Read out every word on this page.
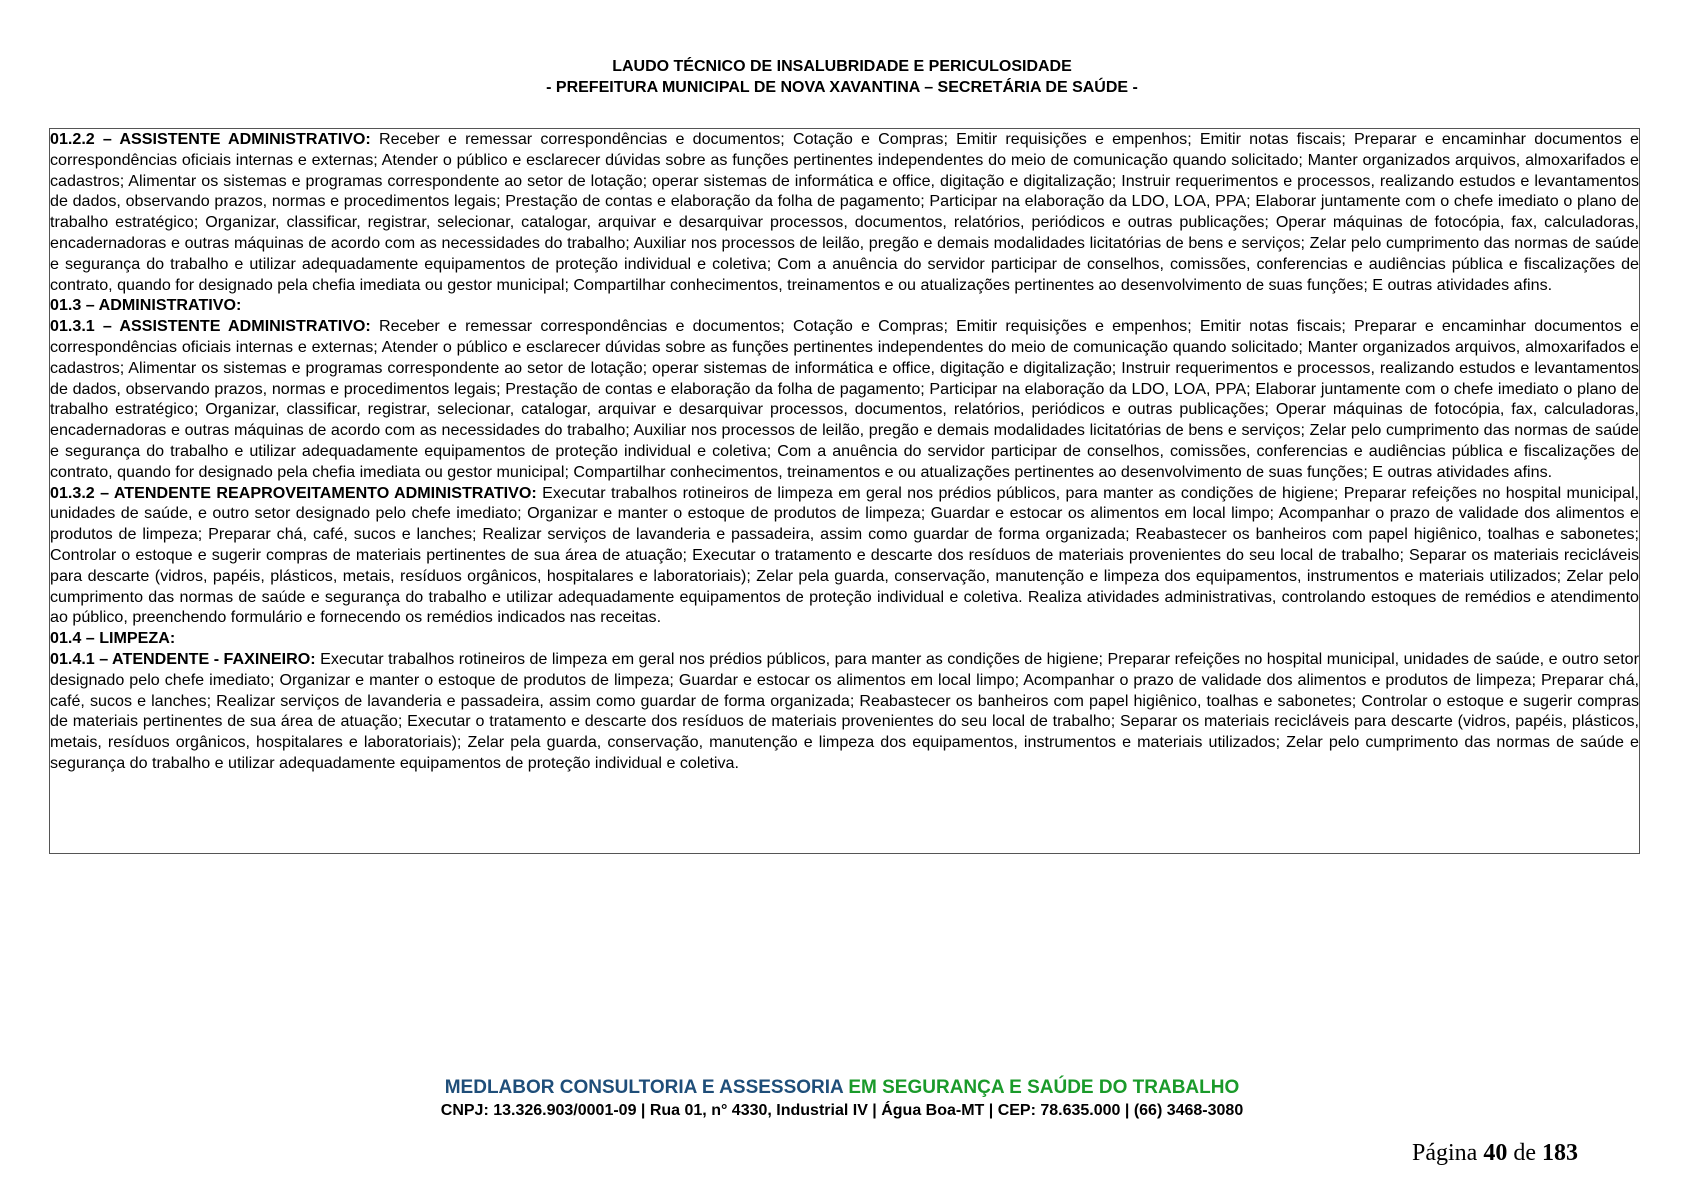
LAUDO TÉCNICO DE INSALUBRIDADE E PERICULOSIDADE
- PREFEITURA MUNICIPAL DE NOVA XAVANTINA – SECRETÁRIA DE SAÚDE -

01.2.2 – ASSISTENTE ADMINISTRATIVO: Receber e remessar correspondências e documentos; Cotação e Compras; Emitir requisições e empenhos; Emitir notas fiscais; Preparar e encaminhar documentos e correspondências oficiais internas e externas; Atender o público e esclarecer dúvidas sobre as funções pertinentes independentes do meio de comunicação quando solicitado; Manter organizados arquivos, almoxarifados e cadastros; Alimentar os sistemas e programas correspondente ao setor de lotação; operar sistemas de informática e office, digitação e digitalização; Instruir requerimentos e processos, realizando estudos e levantamentos de dados, observando prazos, normas e procedimentos legais; Prestação de contas e elaboração da folha de pagamento; Participar na elaboração da LDO, LOA, PPA; Elaborar juntamente com o chefe imediato o plano de trabalho estratégico; Organizar, classificar, registrar, selecionar, catalogar, arquivar e desarquivar processos, documentos, relatórios, periódicos e outras publicações; Operar máquinas de fotocópia, fax, calculadoras, encadernadoras e outras máquinas de acordo com as necessidades do trabalho; Auxiliar nos processos de leilão, pregão e demais modalidades licitatórias de bens e serviços; Zelar pelo cumprimento das normas de saúde e segurança do trabalho e utilizar adequadamente equipamentos de proteção individual e coletiva; Com a anuência do servidor participar de conselhos, comissões, conferencias e audiências pública e fiscalizações de contrato, quando for designado pela chefia imediata ou gestor municipal; Compartilhar conhecimentos, treinamentos e ou atualizações pertinentes ao desenvolvimento de suas funções; E outras atividades afins.

01.3 – ADMINISTRATIVO:

01.3.1 – ASSISTENTE ADMINISTRATIVO: Receber e remessar correspondências e documentos; Cotação e Compras; Emitir requisições e empenhos; Emitir notas fiscais; Preparar e encaminhar documentos e correspondências oficiais internas e externas; Atender o público e esclarecer dúvidas sobre as funções pertinentes independentes do meio de comunicação quando solicitado; Manter organizados arquivos, almoxarifados e cadastros; Alimentar os sistemas e programas correspondente ao setor de lotação; operar sistemas de informática e office, digitação e digitalização; Instruir requerimentos e processos, realizando estudos e levantamentos de dados, observando prazos, normas e procedimentos legais; Prestação de contas e elaboração da folha de pagamento; Participar na elaboração da LDO, LOA, PPA; Elaborar juntamente com o chefe imediato o plano de trabalho estratégico; Organizar, classificar, registrar, selecionar, catalogar, arquivar e desarquivar processos, documentos, relatórios, periódicos e outras publicações; Operar máquinas de fotocópia, fax, calculadoras, encadernadoras e outras máquinas de acordo com as necessidades do trabalho; Auxiliar nos processos de leilão, pregão e demais modalidades licitatórias de bens e serviços; Zelar pelo cumprimento das normas de saúde e segurança do trabalho e utilizar adequadamente equipamentos de proteção individual e coletiva; Com a anuência do servidor participar de conselhos, comissões, conferencias e audiências pública e fiscalizações de contrato, quando for designado pela chefia imediata ou gestor municipal; Compartilhar conhecimentos, treinamentos e ou atualizações pertinentes ao desenvolvimento de suas funções; E outras atividades afins.

01.3.2 – ATENDENTE REAPROVEITAMENTO ADMINISTRATIVO: Executar trabalhos rotineiros de limpeza em geral nos prédios públicos, para manter as condições de higiene; Preparar refeições no hospital municipal, unidades de saúde, e outro setor designado pelo chefe imediato; Organizar e manter o estoque de produtos de limpeza; Guardar e estocar os alimentos em local limpo; Acompanhar o prazo de validade dos alimentos e produtos de limpeza; Preparar chá, café, sucos e lanches; Realizar serviços de lavanderia e passadeira, assim como guardar de forma organizada; Reabastecer os banheiros com papel higiênico, toalhas e sabonetes; Controlar o estoque e sugerir compras de materiais pertinentes de sua área de atuação; Executar o tratamento e descarte dos resíduos de materiais provenientes do seu local de trabalho; Separar os materiais recicláveis para descarte (vidros, papéis, plásticos, metais, resíduos orgânicos, hospitalares e laboratoriais); Zelar pela guarda, conservação, manutenção e limpeza dos equipamentos, instrumentos e materiais utilizados; Zelar pelo cumprimento das normas de saúde e segurança do trabalho e utilizar adequadamente equipamentos de proteção individual e coletiva. Realiza atividades administrativas, controlando estoques de remédios e atendimento ao público, preenchendo formulário e fornecendo os remédios indicados nas receitas.

01.4 – LIMPEZA:

01.4.1 – ATENDENTE - FAXINEIRO: Executar trabalhos rotineiros de limpeza em geral nos prédios públicos, para manter as condições de higiene; Preparar refeições no hospital municipal, unidades de saúde, e outro setor designado pelo chefe imediato; Organizar e manter o estoque de produtos de limpeza; Guardar e estocar os alimentos em local limpo; Acompanhar o prazo de validade dos alimentos e produtos de limpeza; Preparar chá, café, sucos e lanches; Realizar serviços de lavanderia e passadeira, assim como guardar de forma organizada; Reabastecer os banheiros com papel higiênico, toalhas e sabonetes; Controlar o estoque e sugerir compras de materiais pertinentes de sua área de atuação; Executar o tratamento e descarte dos resíduos de materiais provenientes do seu local de trabalho; Separar os materiais recicláveis para descarte (vidros, papéis, plásticos, metais, resíduos orgânicos, hospitalares e laboratoriais); Zelar pela guarda, conservação, manutenção e limpeza dos equipamentos, instrumentos e materiais utilizados; Zelar pelo cumprimento das normas de saúde e segurança do trabalho e utilizar adequadamente equipamentos de proteção individual e coletiva.

MEDLABOR CONSULTORIA E ASSESSORIA EM SEGURANÇA E SAÚDE DO TRABALHO
CNPJ: 13.326.903/0001-09 | Rua 01, n° 4330, Industrial IV | Água Boa-MT | CEP: 78.635.000 | (66) 3468-3080
Página 40 de 183
